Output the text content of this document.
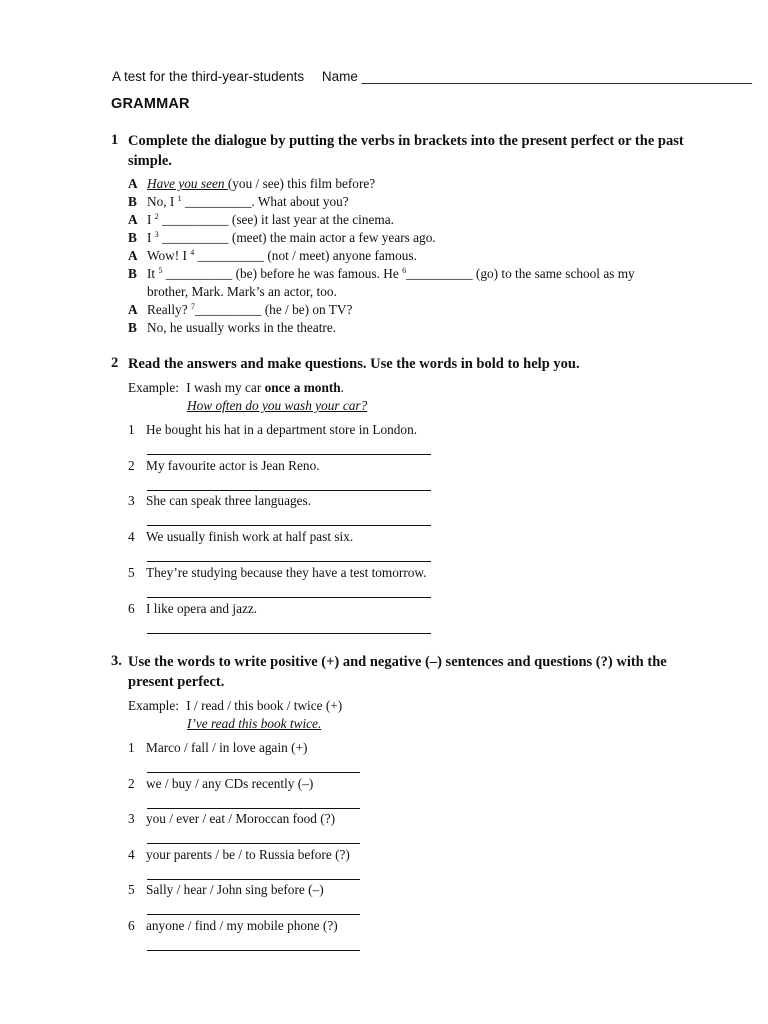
A test for the third-year-students Name ____________________________________________________
GRAMMAR
1 Complete the dialogue by putting the verbs in brackets into the present perfect or the past simple.
A Have you seen (you / see) this film before?
B No, I $^1$ __________. What about you?
A I $^2$ __________ (see) it last year at the cinema.
B I $^3$ __________ (meet) the main actor a few years ago.
A Wow! I $^4$ __________ (not / meet) anyone famous.
B It $^5$ __________ (be) before he was famous. He $^6$__________ (go) to the same school as my
brother, Mark. Mark’s an actor, too.
A Really? $^7$__________ (he / be) on TV?
B No, he usually works in the theatre.
2 Read the answers and make questions. Use the words in bold to help you.
Example: I wash my car once a month.
How often do you wash your car?
1 He bought his hat in a department store in London.
2 My favourite actor is Jean Reno.
3 She can speak three languages.
4 We usually finish work at half past six.
5 They’re studying because they have a test tomorrow.
6 I like opera and jazz.
3. Use the words to write positive (+) and negative (–) sentences and questions (?) with the present perfect.
Example: I / read / this book / twice (+)
I’ve read this book twice.
1 Marco / fall / in love again (+)
2 we / buy / any CDs recently (–)
3 you / ever / eat / Moroccan food (?)
4 your parents / be / to Russia before (?)
5 Sally / hear / John sing before (–)
6 anyone / find / my mobile phone (?)
